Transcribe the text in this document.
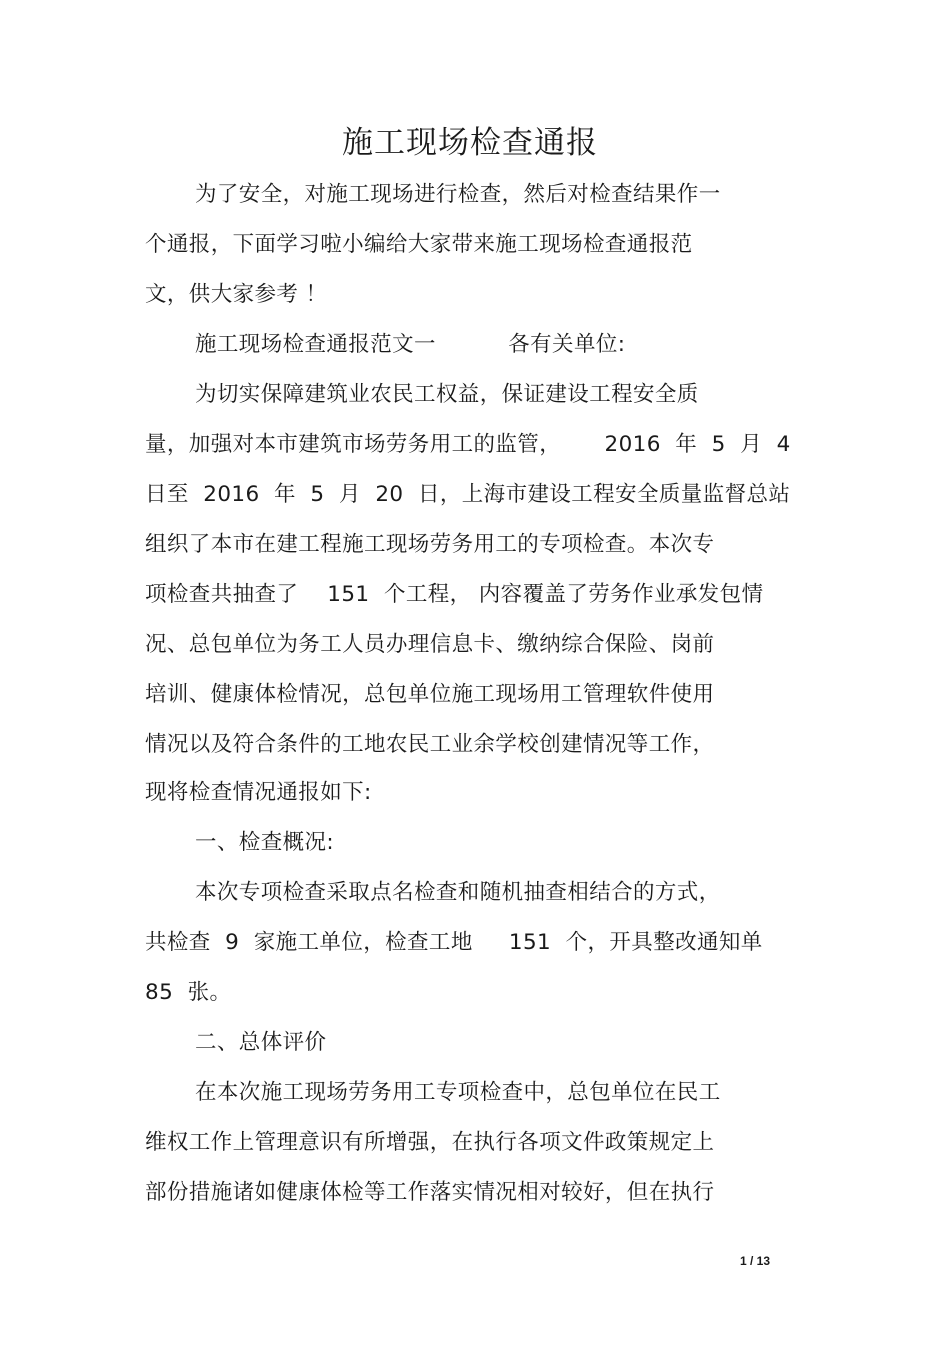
施工现场检查通报
为了安全，对施工现场进行检查，然后对检查结果作一
个通报，下面学习啦小编给大家带来施工现场检查通报范
文，供大家参考 ！
施工现场检查通报范文一          各有关单位:
为切实保障建筑业农民工权益，保证建设工程安全质
量，加强对本市建筑市场劳务用工的监管，      2016  年  5  月  4
日至  2016  年  5  月  20  日，上海市建设工程安全质量监督总站
组织了本市在建工程施工现场劳务用工的专项检查。本次专
项检查共抽查了    151  个工程， 内容覆盖了劳务作业承发包情
况、总包单位为务工人员办理信息卡、缴纳综合保险、岗前
培训、健康体检情况，总包单位施工现场用工管理软件使用
情况以及符合条件的工地农民工业余学校创建情况等工作，
现将检查情况通报如下:
一、检查概况:
本次专项检查采取点名检查和随机抽查相结合的方式，
共检查  9  家施工单位，检查工地     151  个，开具整改通知单
85  张。
二、总体评价
在本次施工现场劳务用工专项检查中，总包单位在民工
维权工作上管理意识有所增强，在执行各项文件政策规定上
部份措施诸如健康体检等工作落实情况相对较好，但在执行
1 / 13
